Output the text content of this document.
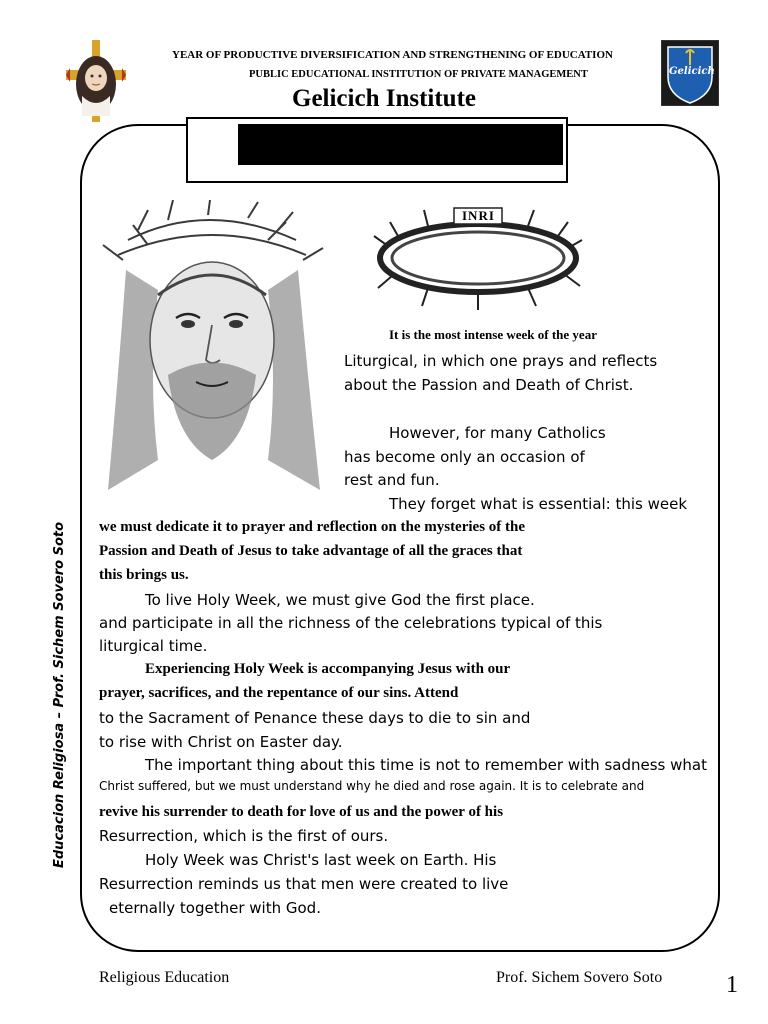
YEAR OF PRODUCTIVE DIVERSIFICATION AND STRENGTHENING OF EDUCATION
PUBLIC EDUCATIONAL INSTITUTION OF PRIVATE MANAGEMENT
Gelicich Institute
Gelicich
Educacion Religiosa – Prof. Sichem Sovero Soto
INRI
It is the most intense week of the year
Liturgical, in which one prays and reflects
about the Passion and Death of Christ.
However, for many Catholics
has become only an occasion of
rest and fun.
They forget what is essential: this week
we must dedicate it to prayer and reflection on the mysteries of the
Passion and Death of Jesus to take advantage of all the graces that
this brings us.
To live Holy Week, we must give God the first place.
and participate in all the richness of the celebrations typical of this
liturgical time.
Experiencing Holy Week is accompanying Jesus with our
prayer, sacrifices, and the repentance of our sins. Attend
to the Sacrament of Penance these days to die to sin and
to rise with Christ on Easter day.
The important thing about this time is not to remember with sadness what
Christ suffered, but we must understand why he died and rose again. It is to celebrate and
revive his surrender to death for love of us and the power of his
Resurrection, which is the first of ours.
Holy Week was Christ's last week on Earth. His
Resurrection reminds us that men were created to live
eternally together with God.
Religious Education	Prof. Sichem Sovero Soto	1
